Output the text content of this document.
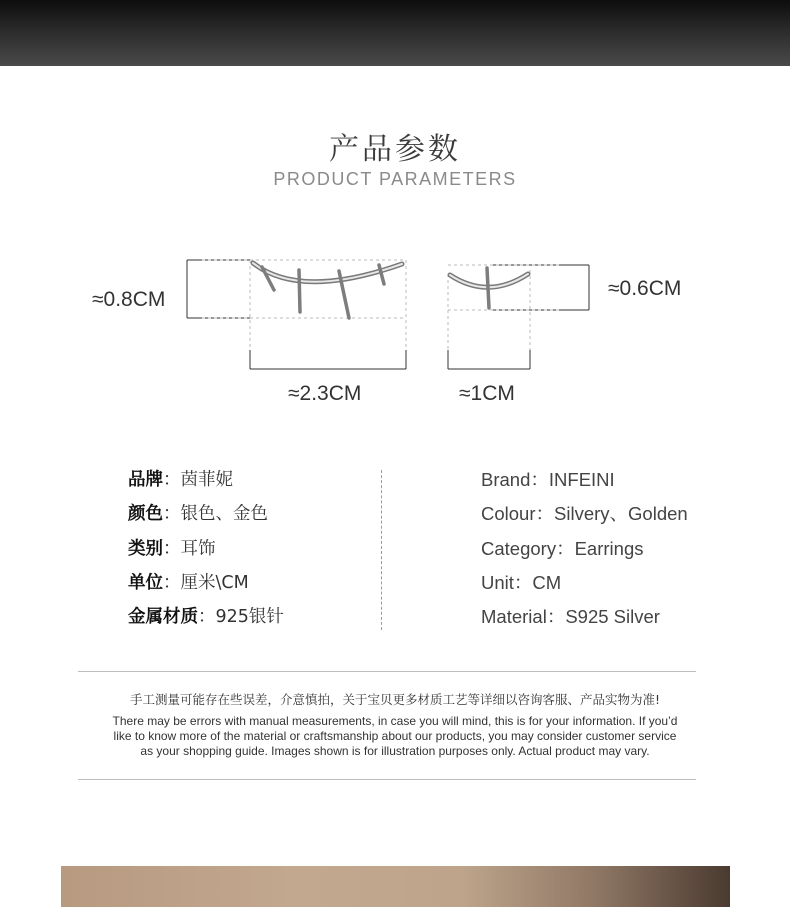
产品参数
PRODUCT PARAMETERS
≈0.8CM
≈2.3CM
≈0.6CM
≈1CM
品牌：茵菲妮
颜色：银色、金色
类别：耳饰
单位：厘米\CM
金属材质：925银针
Brand：INFEINI
Colour：Silvery、Golden
Category：Earrings
Unit：CM
Material：S925 Silver
手工测量可能存在些误差，介意慎拍，关于宝贝更多材质工艺等详细以咨询客服、产品实物为准!
There may be errors with manual measurements, in case you will mind, this is for your information. If you’d
like to know more of the material or craftsmanship about our products, you may consider customer service
as your shopping guide. Images shown is for illustration purposes only. Actual product may vary.
